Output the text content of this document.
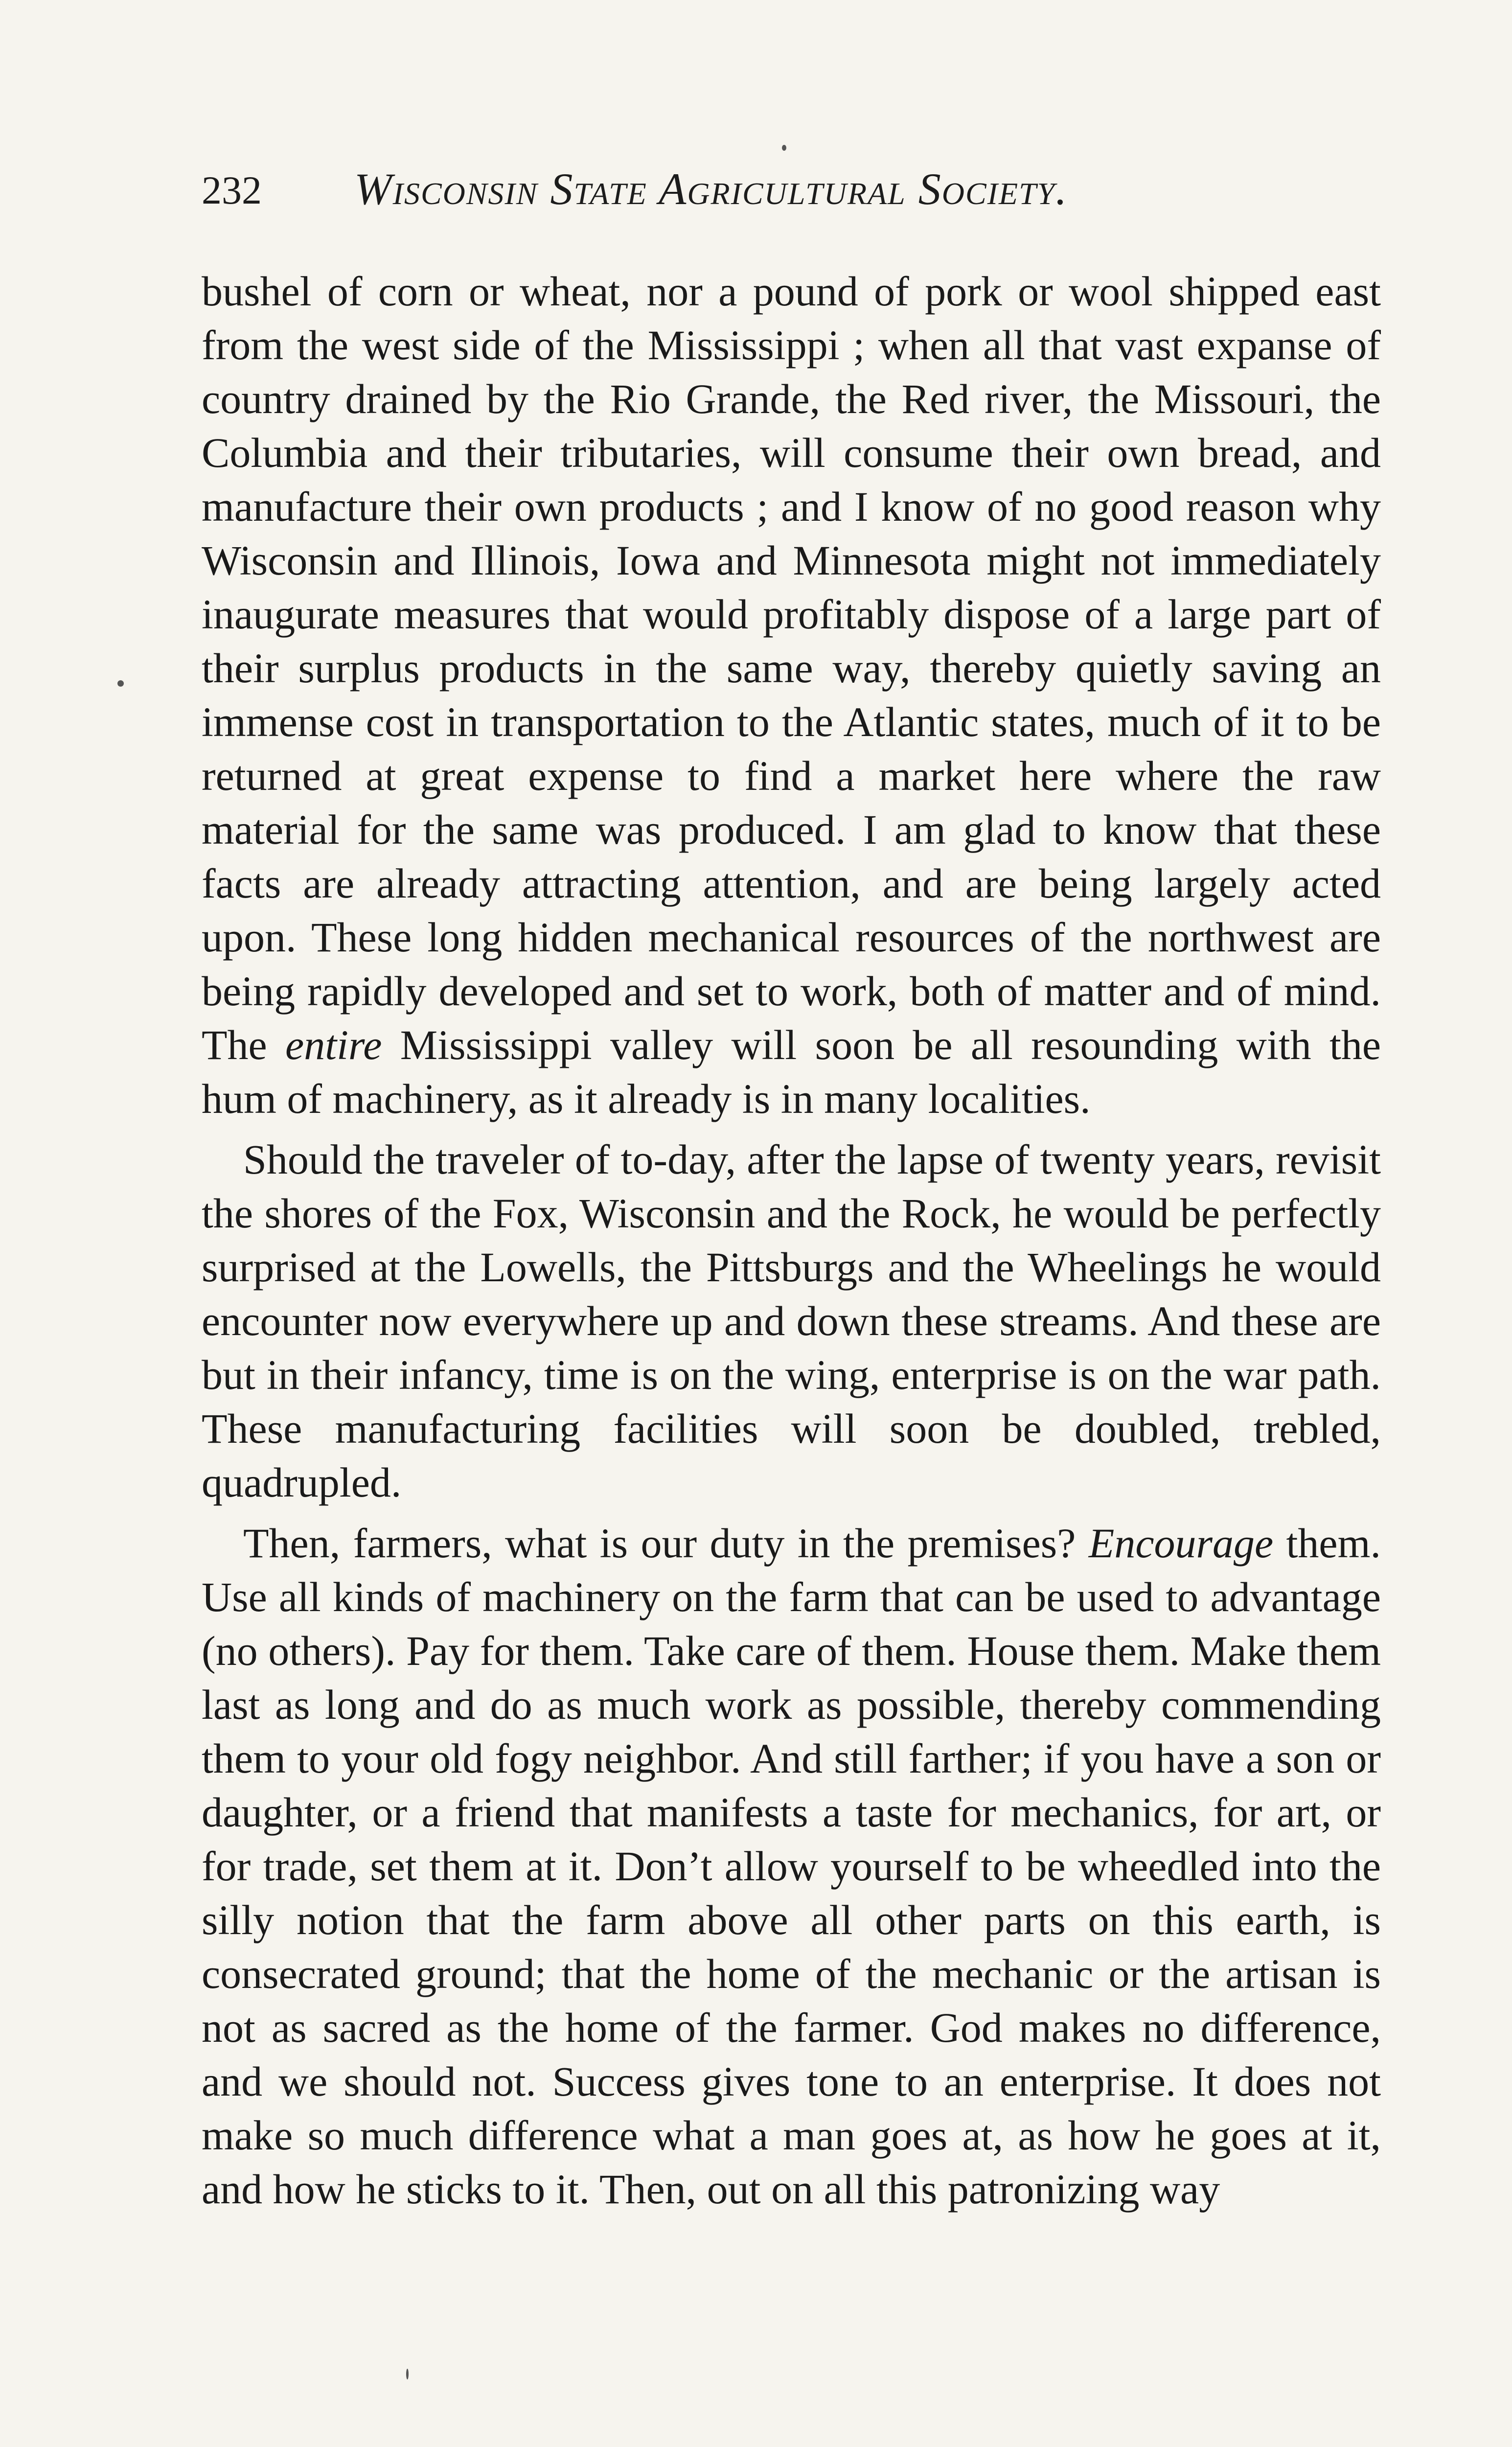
232 Wisconsin State Agricultural Society.

bushel of corn or wheat, nor a pound of pork or wool shipped east from the west side of the Mississippi ; when all that vast expanse of country drained by the Rio Grande, the Red river, the Missouri, the Columbia and their tributaries, will consume their own bread, and manufacture their own products ; and I know of no good reason why Wisconsin and Illinois, Iowa and Minnesota might not immediately inaugurate measures that would profitably dispose of a large part of their surplus products in the same way, thereby quietly saving an immense cost in transportation to the Atlantic states, much of it to be returned at great expense to find a market here where the raw material for the same was produced. I am glad to know that these facts are already attracting attention, and are being largely acted upon. These long hidden mechanical resources of the northwest are being rapidly developed and set to work, both of matter and of mind. The entire Mississippi valley will soon be all resounding with the hum of machinery, as it already is in many localities.

Should the traveler of to-day, after the lapse of twenty years, revisit the shores of the Fox, Wisconsin and the Rock, he would be perfectly surprised at the Lowells, the Pittsburgs and the Wheelings he would encounter now everywhere up and down these streams. And these are but in their infancy, time is on the wing, enterprise is on the war path. These manufacturing facilities will soon be doubled, trebled, quadrupled.

Then, farmers, what is our duty in the premises? Encourage them. Use all kinds of machinery on the farm that can be used to advantage (no others). Pay for them. Take care of them. House them. Make them last as long and do as much work as possible, thereby commending them to your old fogy neighbor. And still farther; if you have a son or daughter, or a friend that manifests a taste for mechanics, for art, or for trade, set them at it. Don’t allow yourself to be wheedled into the silly notion that the farm above all other parts on this earth, is consecrated ground; that the home of the mechanic or the artisan is not as sacred as the home of the farmer. God makes no difference, and we should not. Success gives tone to an enterprise. It does not make so much difference what a man goes at, as how he goes at it, and how he sticks to it. Then, out on all this patronizing way
